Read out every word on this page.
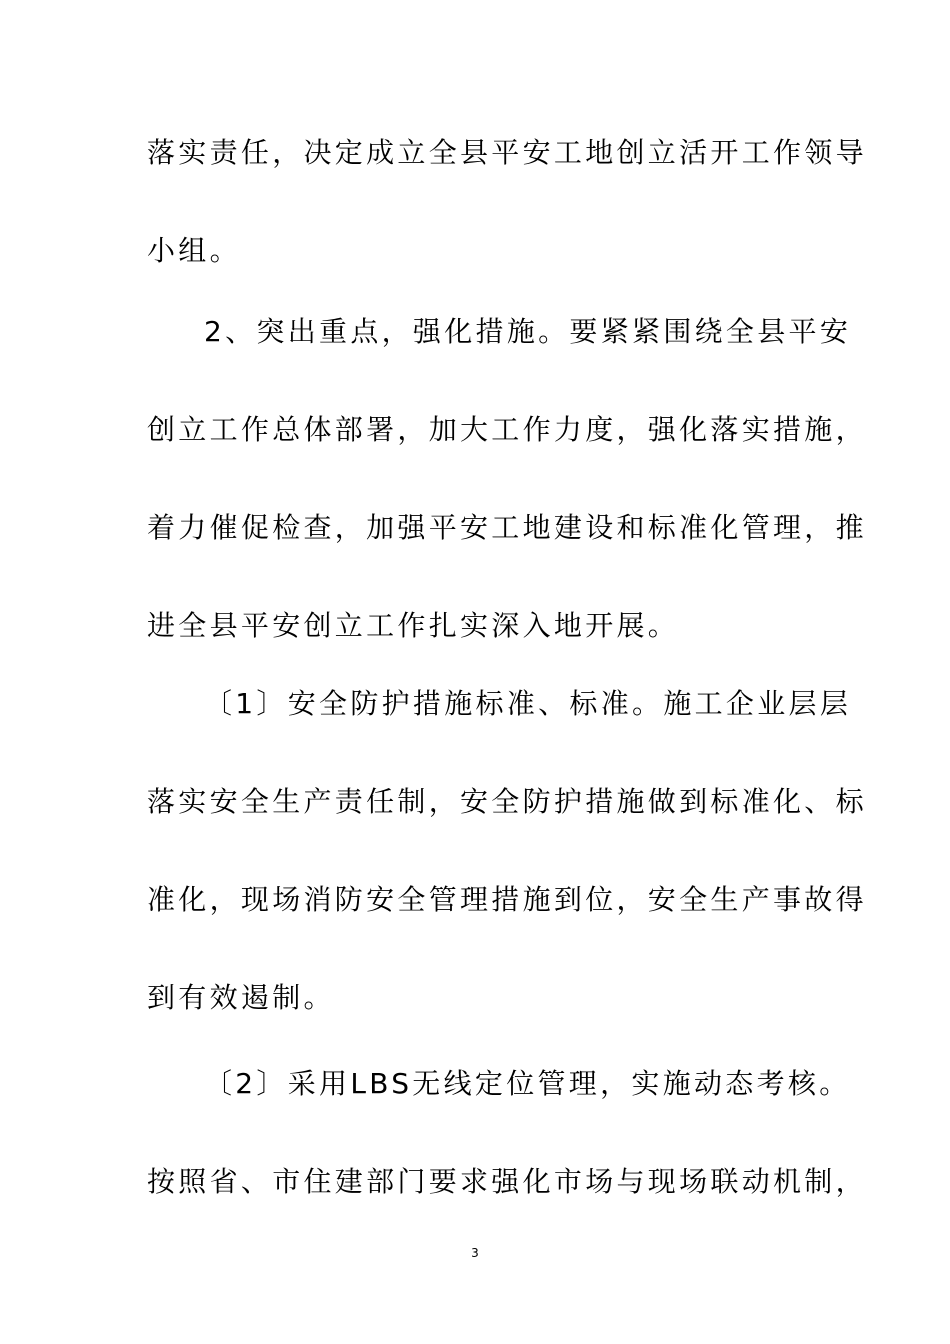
落实责任，决定成立全县平安工地创立活开工作领导
小组。
2、突出重点，强化措施。要紧紧围绕全县平安
创立工作总体部署，加大工作力度，强化落实措施，
着力催促检查，加强平安工地建设和标准化管理，推
进全县平安创立工作扎实深入地开展。
〔1〕安全防护措施标准、标准。施工企业层层
落实安全生产责任制，安全防护措施做到标准化、标
准化，现场消防安全管理措施到位，安全生产事故得
到有效遏制。
〔2〕采用LBS无线定位管理，实施动态考核。
按照省、市住建部门要求强化市场与现场联动机制，
3
